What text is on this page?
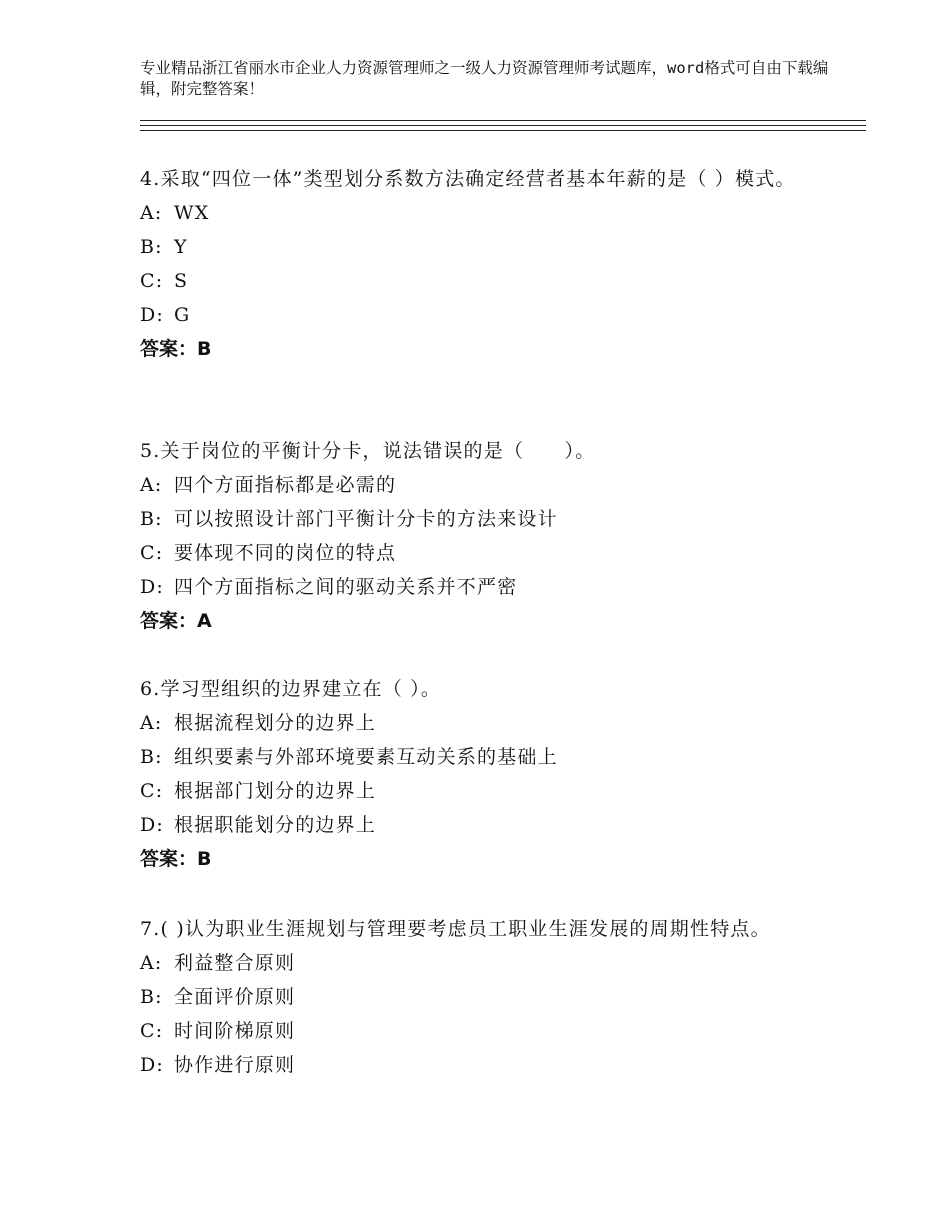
专业精品浙江省丽水市企业人力资源管理师之一级人力资源管理师考试题库，word格式可自由下载编辑，附完整答案！

4.采取“四位一体”类型划分系数方法确定经营者基本年薪的是（ ）模式。

A: WX

B: Y

C: S

D: G

答案：B

5.关于岗位的平衡计分卡，说法错误的是（　　）。

A: 四个方面指标都是必需的

B: 可以按照设计部门平衡计分卡的方法来设计

C: 要体现不同的岗位的特点

D: 四个方面指标之间的驱动关系并不严密

答案：A

6.学习型组织的边界建立在（ ）。

A: 根据流程划分的边界上

B: 组织要素与外部环境要素互动关系的基础上

C: 根据部门划分的边界上

D: 根据职能划分的边界上

答案：B

7.( )认为职业生涯规划与管理要考虑员工职业生涯发展的周期性特点。

A: 利益整合原则

B: 全面评价原则

C: 时间阶梯原则

D: 协作进行原则
